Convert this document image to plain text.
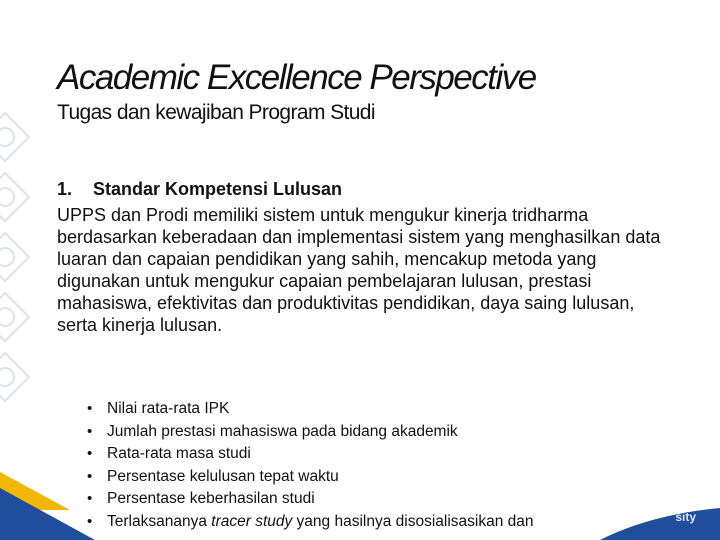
sity
Academic Excellence Perspective
Tugas dan kewajiban Program Studi

1. Standar Kompetensi Lulusan

UPPS dan Prodi memiliki sistem untuk mengukur kinerja tridharma berdasarkan keberadaan dan implementasi sistem yang menghasilkan data luaran dan capaian pendidikan yang sahih, mencakup metoda yang digunakan untuk mengukur capaian pembelajaran lulusan, prestasi mahasiswa, efektivitas dan produktivitas pendidikan, daya saing lulusan, serta kinerja lulusan.

• Nilai rata-rata IPK
• Jumlah prestasi mahasiswa pada bidang akademik
• Rata-rata masa studi
• Persentase kelulusan tepat waktu
• Persentase keberhasilan studi
• Terlaksananya tracer study yang hasilnya disosialisasikan dan
